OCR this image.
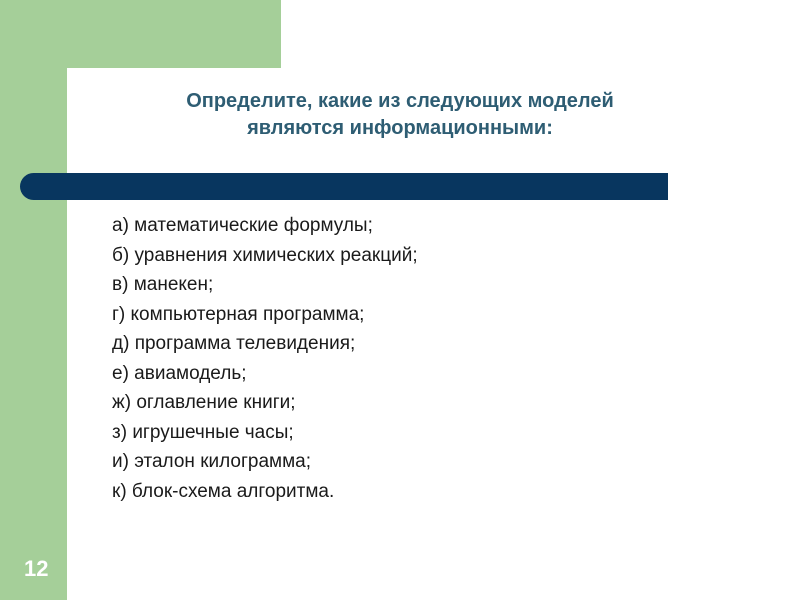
Определите, какие из следующих моделей
являются информационными:
а) математические формулы;
б) уравнения химических реакций;
в) манекен;
г) компьютерная программа;
д) программа телевидения;
е) авиамодель;
ж) оглавление книги;
з) игрушечные часы;
и) эталон килограмма;
к) блок-схема алгоритма.
12
